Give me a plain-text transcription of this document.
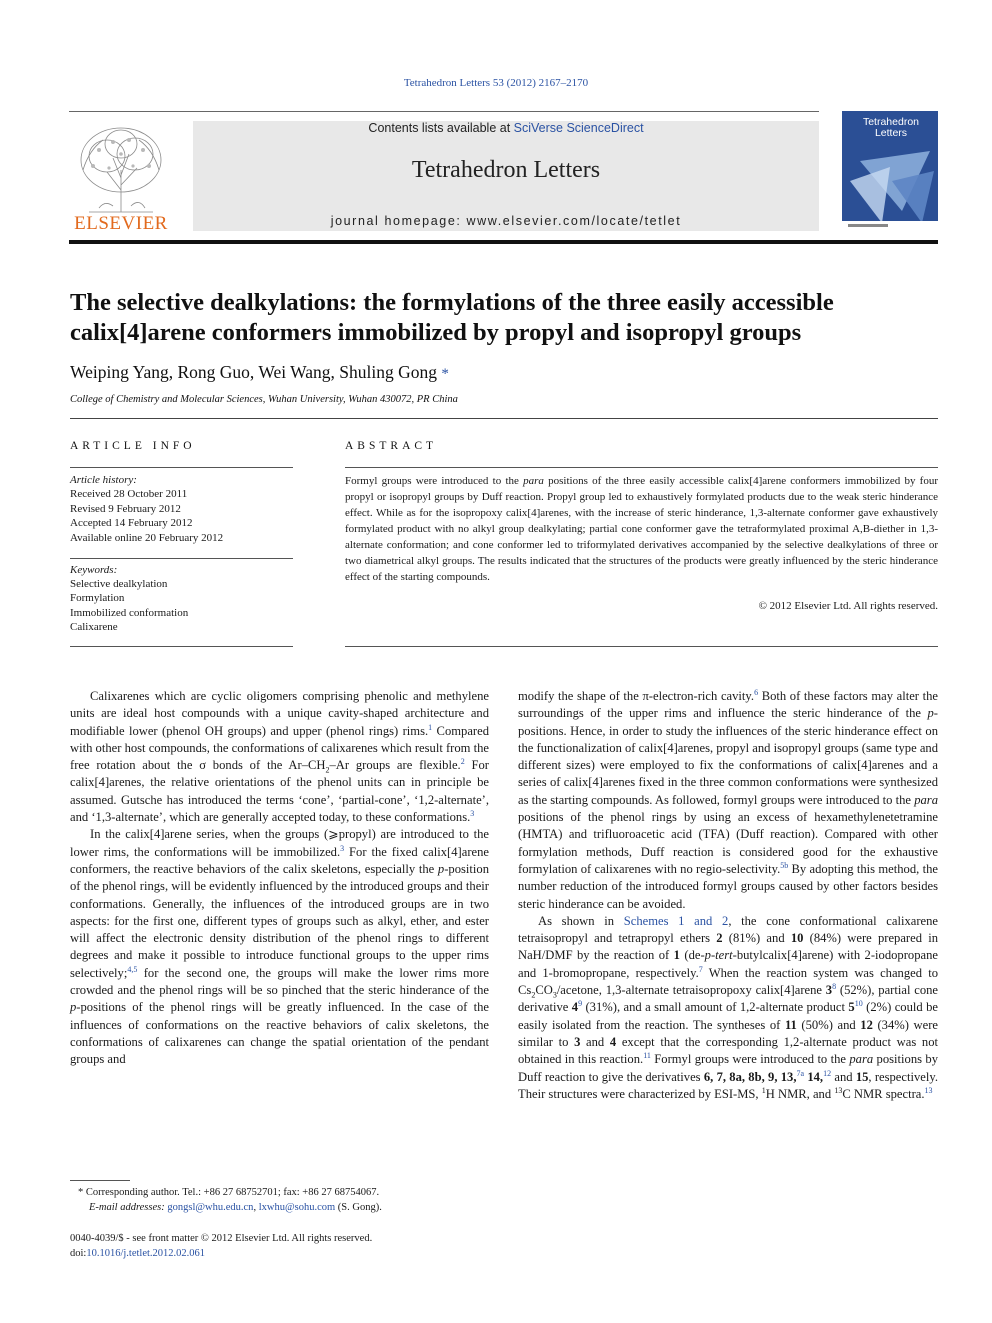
Tetrahedron Letters 53 (2012) 2167–2170
ELSEVIER
Contents lists available at SciVerse ScienceDirect
Tetrahedron Letters
journal homepage: www.elsevier.com/locate/tetlet
Tetrahedron
Letters
The selective dealkylations: the formylations of the three easily accessible
calix[4]arene conformers immobilized by propyl and isopropyl groups
Weiping Yang, Rong Guo, Wei Wang, Shuling Gong *
College of Chemistry and Molecular Sciences, Wuhan University, Wuhan 430072, PR China
ARTICLE INFO
Article history:
Received 28 October 2011
Revised 9 February 2012
Accepted 14 February 2012
Available online 20 February 2012
Keywords:
Selective dealkylation
Formylation
Immobilized conformation
Calixarene
ABSTRACT
Formyl groups were introduced to the para positions of the three easily accessible calix[4]arene conformers immobilized by four propyl or isopropyl groups by Duff reaction. Propyl group led to exhaustively formylated products due to the weak steric hinderance effect. While as for the isopropoxy calix[4]arenes, with the increase of steric hinderance, 1,3-alternate conformer gave exhaustively formylated product with no alkyl group dealkylating; partial cone conformer gave the tetraformylated proximal A,B-diether in 1,3-alternate conformation; and cone conformer led to triformylated derivatives accompanied by the selective dealkylations of three or two diametrical alkyl groups. The results indicated that the structures of the products were greatly influenced by the steric hinderance effect of the starting compounds.
© 2012 Elsevier Ltd. All rights reserved.

Calixarenes which are cyclic oligomers comprising phenolic and methylene units are ideal host compounds with a unique cavity-shaped architecture and modifiable lower (phenol OH groups) and upper (phenol rings) rims.$^1$ Compared with other host compounds, the conformations of calixarenes which result from the free rotation about the σ bonds of the $Ar-CH_2-Ar$ groups are flexible.$^2$ For calix[4]arenes, the relative orientations of the phenol units can in principle be assumed. Gutsche has introduced the terms ‘cone’, ‘partial-cone’, ‘1,2-alternate’, and ‘1,3-alternate’, which are generally accepted today, to these conformations.$^3$

In the calix[4]arene series, when the groups (⩾propyl) are introduced to the lower rims, the conformations will be immobilized.$^3$ For the fixed calix[4]arene conformers, the reactive behaviors of the calix skeletons, especially the p-position of the phenol rings, will be evidently influenced by the introduced groups and their conformations. Generally, the influences of the introduced groups are in two aspects: for the first one, different types of groups such as alkyl, ether, and ester will affect the electronic density distribution of the phenol rings to different degrees and make it possible to introduce functional groups to the upper rims selectively;$^{4,5}$ for the second one, the groups will make the lower rims more crowded and the phenol rings will be so pinched that the steric hinderance of the p-positions of the phenol rings will be greatly influenced. In the case of the influences of conformations on the reactive behaviors of calix skeletons, the conformations of calixarenes can change the spatial orientation of the pendant groups and

modify the shape of the π-electron-rich cavity.$^6$ Both of these factors may alter the surroundings of the upper rims and influence the steric hinderance of the p-positions. Hence, in order to study the influences of the steric hinderance effect on the functionalization of calix[4]arenes, propyl and isopropyl groups (same type and different sizes) were employed to fix the conformations of calix[4]arenes and a series of calix[4]arenes fixed in the three common conformations were synthesized as the starting compounds. As followed, formyl groups were introduced to the para positions of the phenol rings by using an excess of hexamethylenetetramine (HMTA) and trifluoroacetic acid (TFA) (Duff reaction). Compared with other formylation methods, Duff reaction is considered good for the exhaustive formylation of calixarenes with no regio-selectivity.$^{5b}$ By adopting this method, the number reduction of the introduced formyl groups caused by other factors besides steric hinderance can be avoided.

As shown in Schemes 1 and 2, the cone conformational calixarene tetraisopropyl and tetrapropyl ethers 2 (81%) and 10 (84%) were prepared in NaH/DMF by the reaction of 1 (de-p-tert-butylcalix[4]arene) with 2-iodopropane and 1-bromopropane, respectively.$^7$ When the reaction system was changed to $Cs_2CO_3$/acetone, 1,3-alternate tetraisopropoxy calix[4]arene $3^8$ (52%), partial cone derivative $4^9$ (31%), and a small amount of 1,2-alternate product $5^{10}$ (2%) could be easily isolated from the reaction. The syntheses of 11 (50%) and 12 (34%) were similar to 3 and 4 except that the corresponding 1,2-alternate product was not obtained in this reaction.$^{11}$ Formyl groups were introduced to the para positions by Duff reaction to give the derivatives 6, 7, 8a, 8b, 9, 13,$^{7a}$ 14,12 and 15, respectively. Their structures were characterized by ESI-MS, $^1$H NMR, and $^{13}$C NMR spectra.$^{13}$

* Corresponding author. Tel.: +86 27 68752701; fax: +86 27 68754067.
E-mail addresses: gongsl@whu.edu.cn, lxwhu@sohu.com (S. Gong).
0040-4039/$ - see front matter © 2012 Elsevier Ltd. All rights reserved.
doi:10.1016/j.tetlet.2012.02.061
